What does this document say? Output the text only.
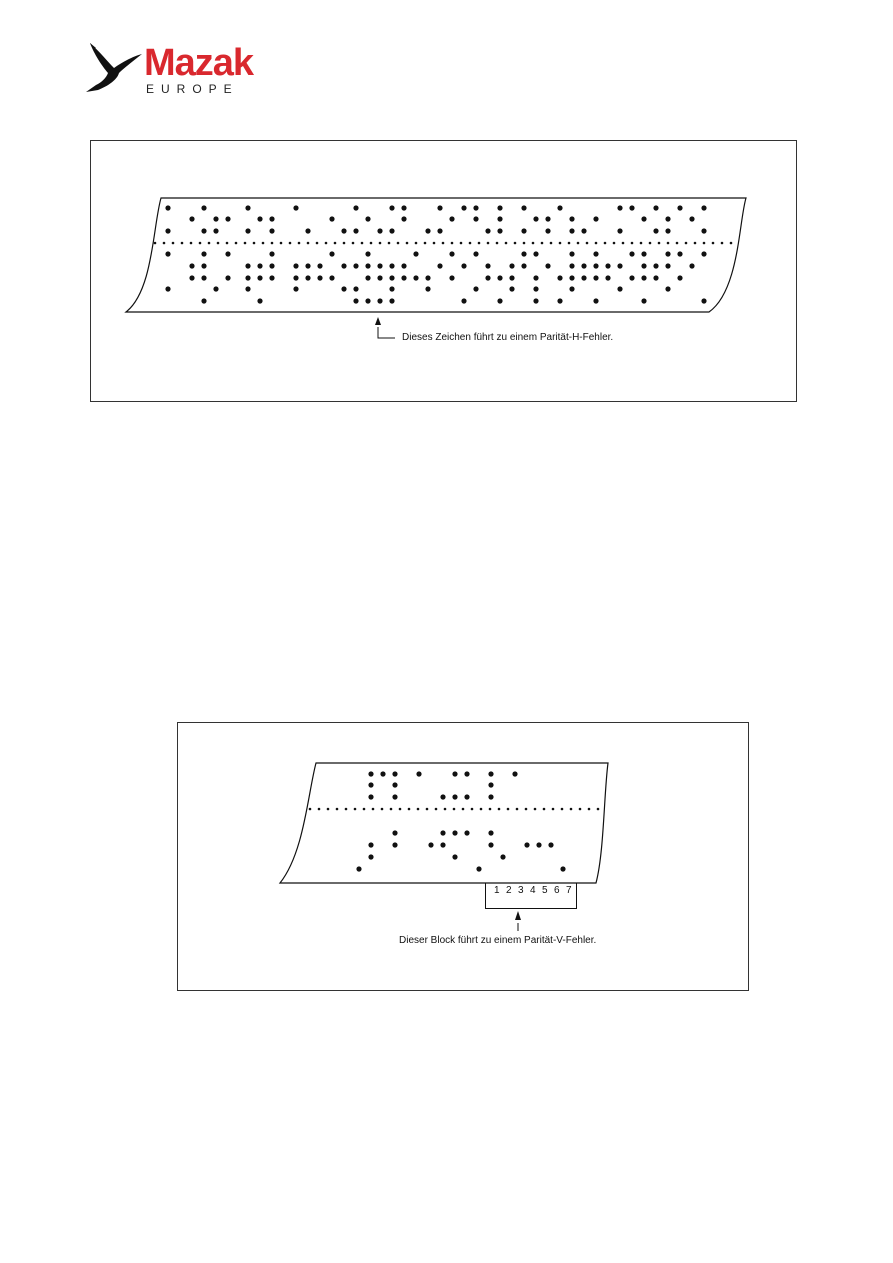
Mazak
EUROPE
Dieses Zeichen führt zu einem Parität-H-Fehler.
1 2 3 4 5 6 7
Dieser Block führt zu einem Parität-V-Fehler.
